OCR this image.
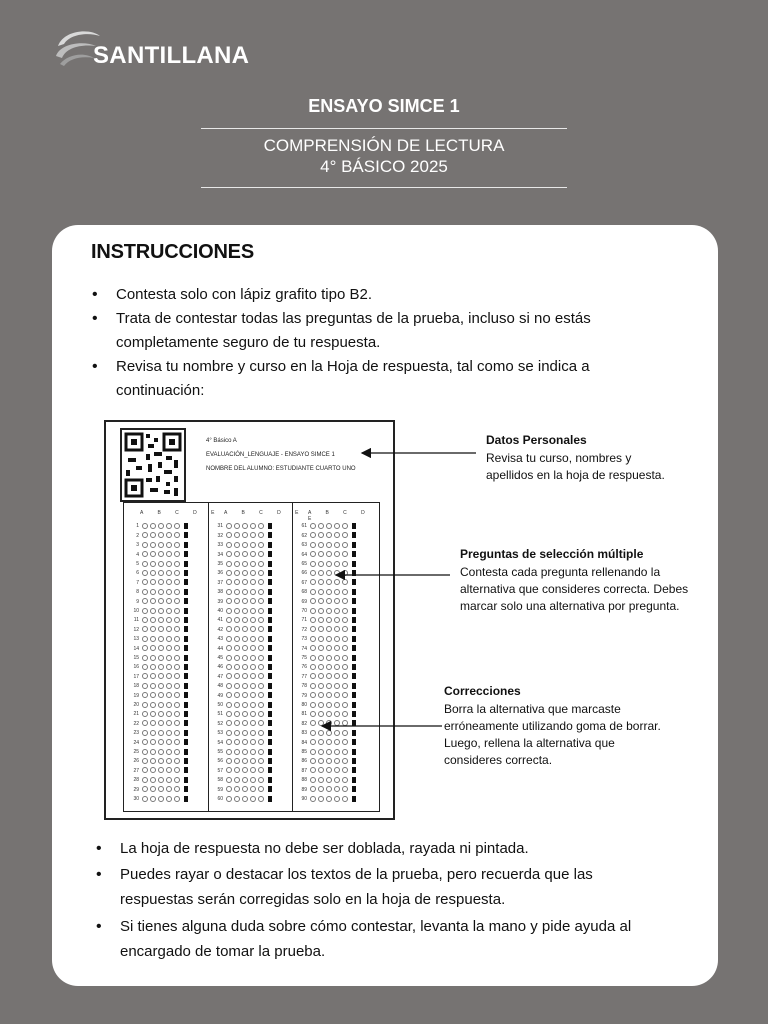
SANTILLANA
ENSAYO SIMCE 1
COMPRENSIÓN DE LECTURA
4° BÁSICO 2025
INSTRUCCIONES
• Contesta solo con lápiz grafito tipo B2.
• Trata de contestar todas las preguntas de la prueba, incluso si no estás
completamente seguro de tu respuesta.
• Revisa tu nombre y curso en la Hoja de respuesta, tal como se indica a
continuación:
4° Básico A
EVALUACIÓN_LENGUAJE - ENSAYO SIMCE 1
NOMBRE DEL ALUMNO: ESTUDIANTE CUARTO UNO
A B C D E A B C D E A B C D E
1
2
3
4
5
6
7
8
9
10
11
12
13
14
15
16
17
18
19
20
21
22
23
24
25
26
27
28
29
30
31
32
33
34
35
36
37
38
39
40
41
42
43
44
45
46
47
48
49
50
51
52
53
54
55
56
57
58
59
60
61
62
63
64
65
66
67
68
69
70
71
72
73
74
75
76
77
78
79
80
81
82
83
84
85
86
87
88
89
90
Datos Personales
Revisa tu curso, nombres y
apellidos en la hoja de respuesta.
Preguntas de selección múltiple
Contesta cada pregunta rellenando la
alternativa que consideres correcta. Debes
marcar solo una alternativa por pregunta.
Correcciones
Borra la alternativa que marcaste
erróneamente utilizando goma de borrar.
Luego, rellena la alternativa que
consideres correcta.
• La hoja de respuesta no debe ser doblada, rayada ni pintada.
• Puedes rayar o destacar los textos de la prueba, pero recuerda que las
respuestas serán corregidas solo en la hoja de respuesta.
• Si tienes alguna duda sobre cómo contestar, levanta la mano y pide ayuda al
encargado de tomar la prueba.
